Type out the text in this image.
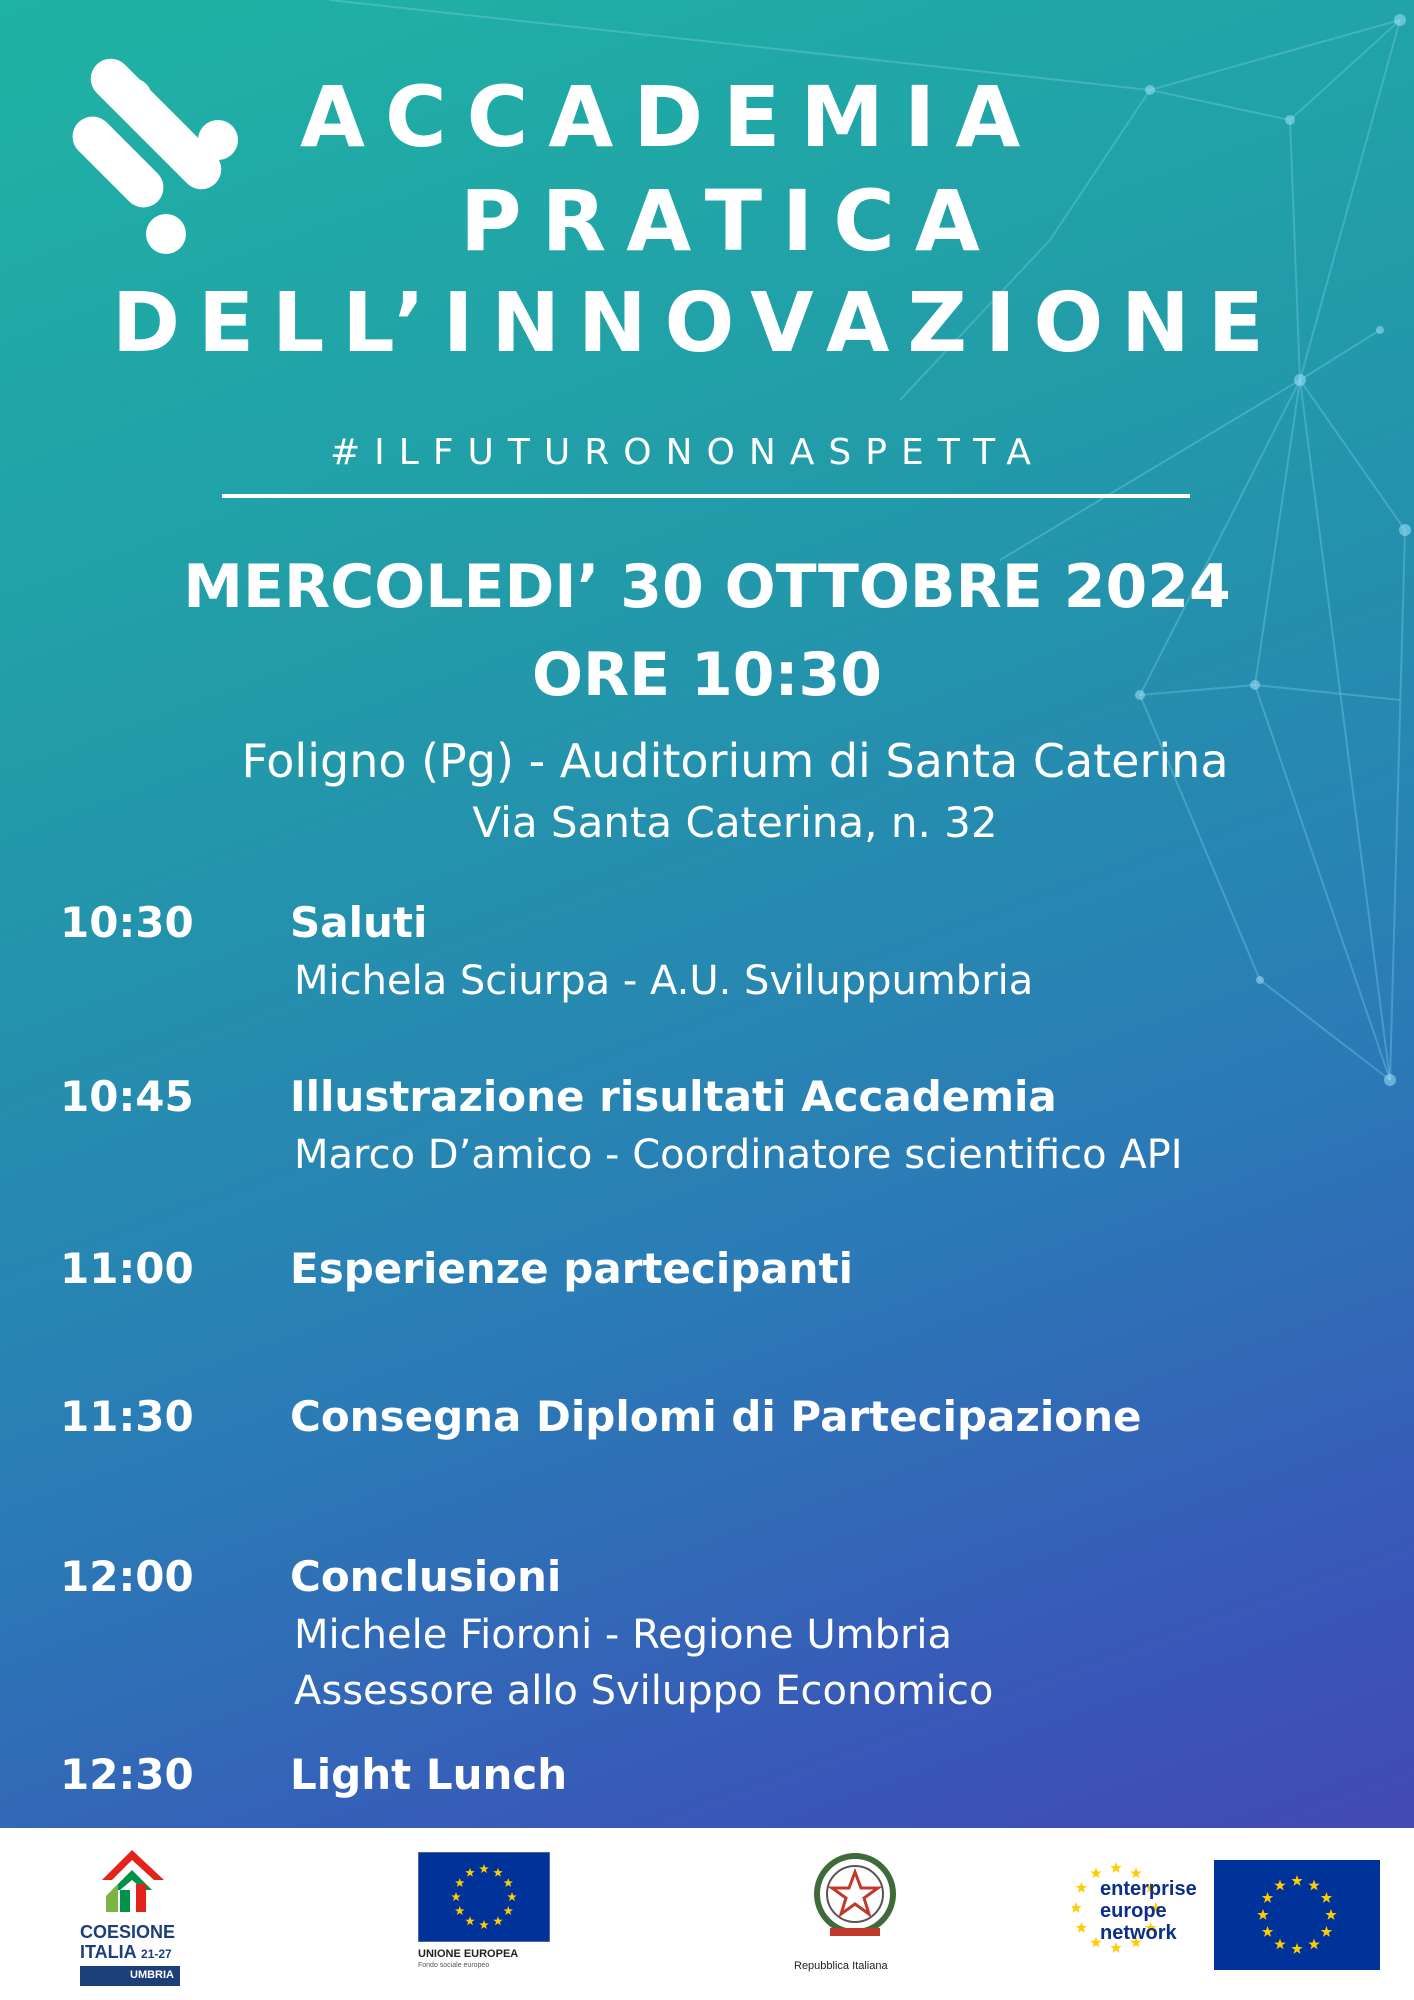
ACCADEMIA
PRATICA
DELL’INNOVAZIONE
#ILFUTURONONASPETTA
MERCOLEDI’ 30 OTTOBRE 2024
ORE 10:30
Foligno (Pg) - Auditorium di Santa Caterina
Via Santa Caterina, n. 32
10:30 Saluti
Michela Sciurpa - A.U. Sviluppumbria
10:45 Illustrazione risultati Accademia
Marco D’amico - Coordinatore scientifico API
11:00 Esperienze partecipanti
11:30 Consegna Diplomi di Partecipazione
12:00 Conclusioni
Michele Fioroni - Regione Umbria
Assessore allo Sviluppo Economico
12:30 Light Lunch
COESIONE
ITALIA 21-27
UMBRIA
UNIONE EUROPEA
Fondo sociale europeo	Repubblica Italiana
enterprise
europe
network
